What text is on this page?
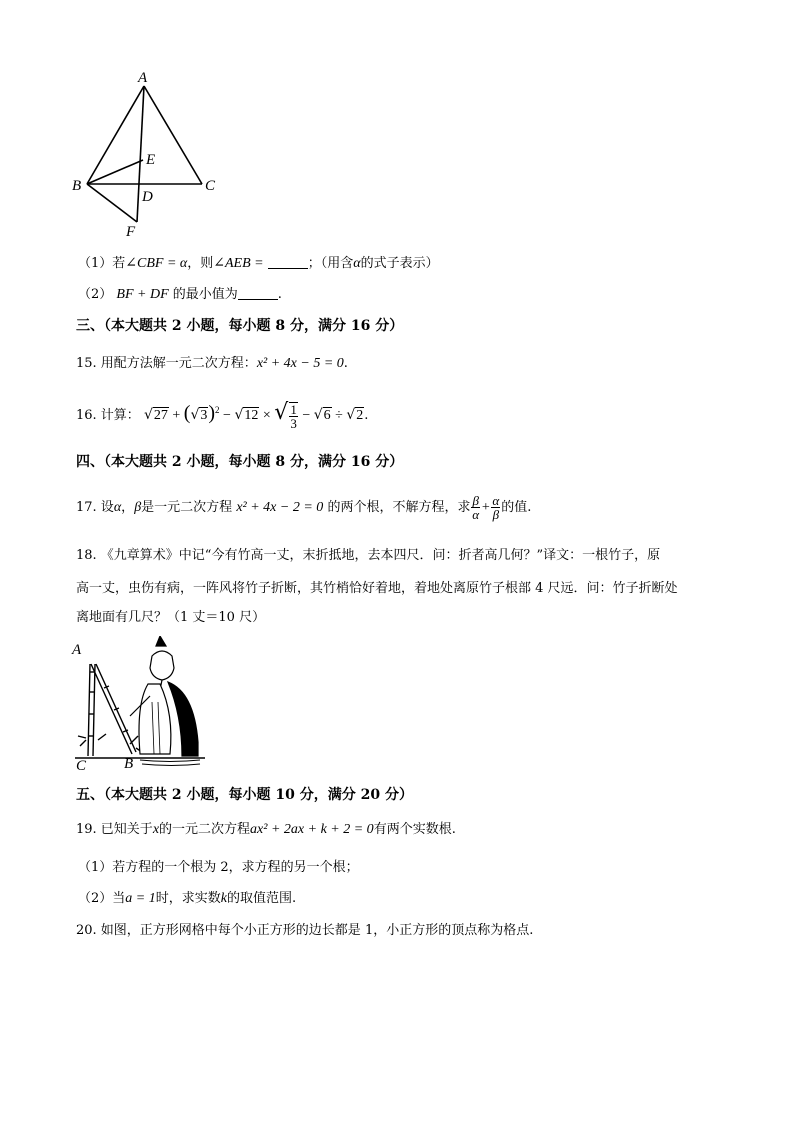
A
B	C
D
E
F
（1）若∠CBF = α，则∠AEB =	；（用含α的式子表示）
（2） BF + DF 的最小值为	.
三、（本大题共 2 小题，每小题 8 分，满分 16 分）
15. 用配方法解一元二次方程：x² + 4x − 5 = 0.
16. 计算： $√27 + (√3)^2 - √12$ × √ $\frac{1}{3} - √6 \div √2$.
四、（本大题共 2 小题，每小题 8 分，满分 16 分）
17. 设α，β是一元二次方程 x² + 4x − 2 = 0 的两个根，不解方程，求 $\frac{\beta}{\alpha} + \frac{\alpha}{\beta}$ 的值.
18. 《九章算术》中记“今有竹高一丈，末折抵地，去本四尺．问：折者高几何？”译文：一根竹子，原
高一丈，虫伤有病，一阵风将竹子折断，其竹梢恰好着地，着地处离原竹子根部 4 尺远．问：竹子折断处
离地面有几尺？（1 丈＝10 尺）
A
C	B
五、（本大题共 2 小题，每小题 10 分，满分 20 分）
19. 已知关于x的一元二次方程ax² + 2ax + k + 2 = 0有两个实数根.
（1）若方程的一个根为 2，求方程的另一个根；
（2）当a = 1时，求实数k的取值范围.
20. 如图，正方形网格中每个小正方形的边长都是 1，小正方形的顶点称为格点.
